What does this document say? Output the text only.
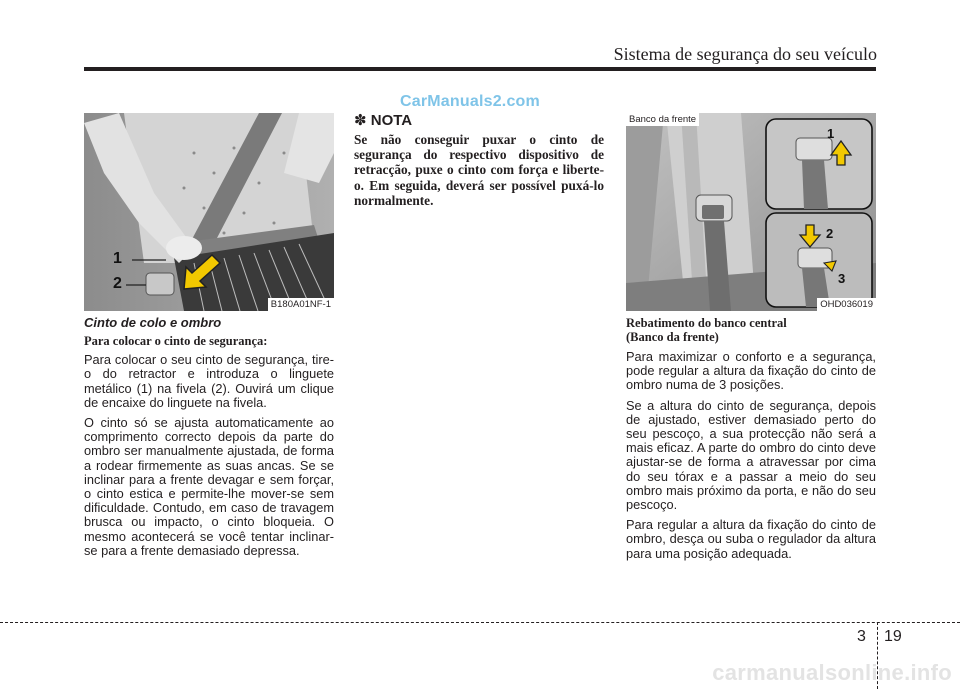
Sistema de segurança do seu veículo
CarManuals2.com
1
2
B180A01NF-1
Cinto de colo e ombro
Para colocar o cinto de segurança:

Para colocar o seu cinto de segurança, tire-o do retractor e introduza o linguete metálico (1) na fivela (2). Ouvirá um clique de encaixe do linguete na fivela.

O cinto só se ajusta automaticamente ao comprimento correcto depois da parte do ombro ser manualmente ajustada, de forma a rodear firmemente as suas ancas. Se se inclinar para a frente devagar e sem forçar, o cinto estica e permite-lhe mover-se sem dificuldade. Contudo, em caso de travagem brusca ou impacto, o cinto bloqueia. O mesmo acontecerá se você tentar inclinar-se para a frente demasiado depressa.

✽ NOTA
Se não conseguir puxar o cinto de segurança do respectivo dispositivo de retracção, puxe o cinto com força e liberte-o. Em seguida, deverá ser possível puxá-lo normalmente.
Banco da frente
1
2
3
OHD036019
Rebatimento do banco central
(Banco da frente)

Para maximizar o conforto e a segurança, pode regular a altura da fixação do cinto de ombro numa de 3 posições.

Se a altura do cinto de segurança, depois de ajustado, estiver demasiado perto do seu pescoço, a sua protecção não será a mais eficaz. A parte do ombro do cinto deve ajustar-se de forma a atravessar por cima do seu tórax e a passar a meio do seu ombro mais próximo da porta, e não do seu pescoço.

Para regular a altura da fixação do cinto de ombro, desça ou suba o regulador da altura para uma posição adequada.

3 19
carmanualsonline.info
